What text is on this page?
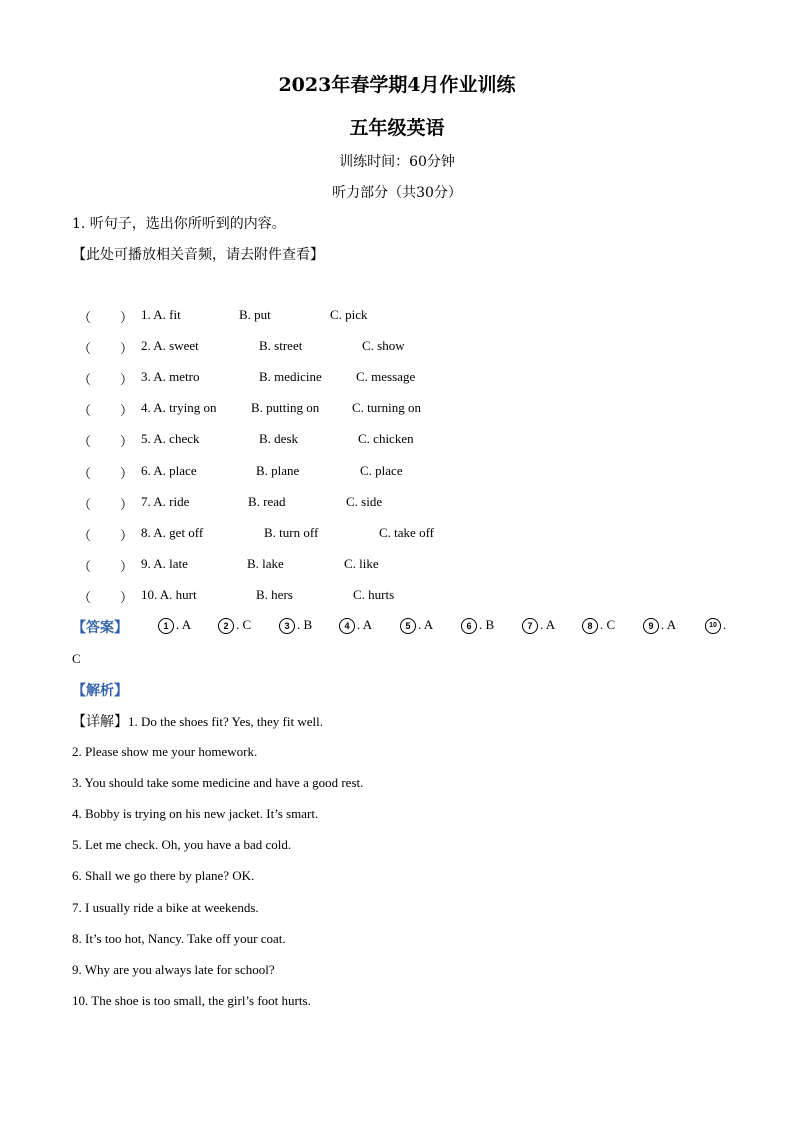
2023年春学期4月作业训练
五年级英语
训练时间：60分钟
听力部分（共30分）
1. 听句子，选出你所听到的内容。
【此处可播放相关音频，请去附件查看】
（ ） 1. A. fit	B. put	C. pick
（ ） 2. A. sweet	B. street	C. show
（ ） 3. A. metro	B. medicine	C. message
（ ） 4. A. trying on	B. putting on	C. turning on
（ ） 5. A. check	B. desk	C. chicken
（ ） 6. A. place	B. plane	C. place
（ ） 7. A. ride	B. read	C. side
（ ） 8. A. get off	B. turn off	C. take off
（ ） 9. A. late	B. lake	C. like
（ ） 10. A. hurt	B. hers	C. hurts
【答案】	1 . A	2 . C	3 . B	4 . A	5 . A	6 . B	7 . A	8 . C	9 . A	10 .
C
【解析】
【详解】1. Do the shoes fit? Yes, they fit well.
2. Please show me your homework.
3. You should take some medicine and have a good rest.
4. Bobby is trying on his new jacket. It’s smart.
5. Let me check. Oh, you have a bad cold.
6. Shall we go there by plane? OK.
7. I usually ride a bike at weekends.
8. It’s too hot, Nancy. Take off your coat.
9. Why are you always late for school?
10. The shoe is too small, the girl’s foot hurts.
